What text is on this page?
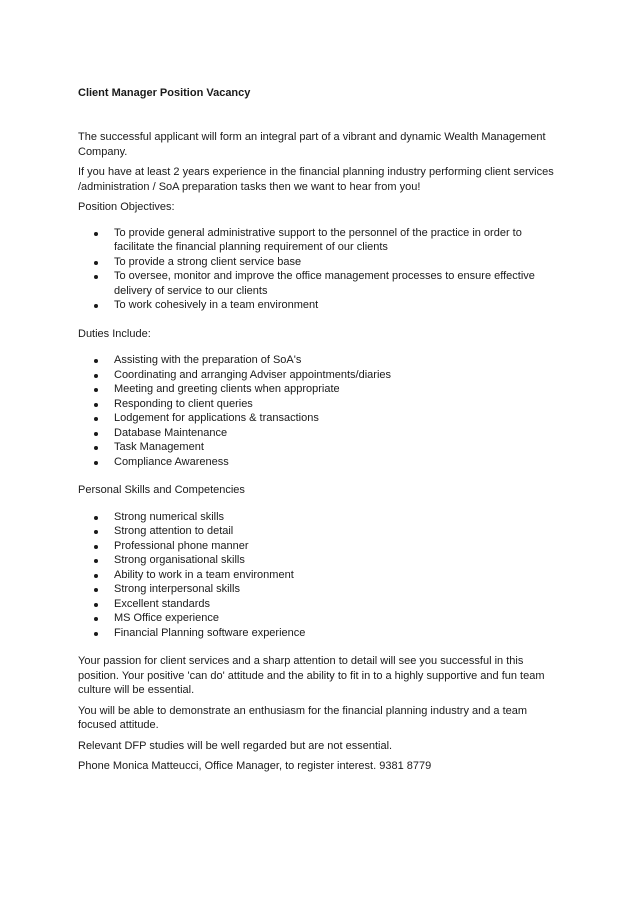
Client Manager Position Vacancy

The successful applicant will form an integral part of a vibrant and dynamic Wealth Management Company.

If you have at least 2 years experience in the financial planning industry performing client services /administration / SoA preparation tasks then we want to hear from you!

Position Objectives:

To provide general administrative support to the personnel of the practice in order to facilitate the financial planning requirement of our clients
To provide a strong client service base
To oversee, monitor and improve the office management processes to ensure effective delivery of service to our clients
To work cohesively in a team environment

Duties Include:

Assisting with the preparation of SoA's
Coordinating and arranging Adviser appointments/diaries
Meeting and greeting clients when appropriate
Responding to client queries
Lodgement for applications & transactions
Database Maintenance
Task Management
Compliance Awareness

Personal Skills and Competencies

Strong numerical skills
Strong attention to detail
Professional phone manner
Strong organisational skills
Ability to work in a team environment
Strong interpersonal skills
Excellent standards
MS Office experience
Financial Planning software experience

Your passion for client services and a sharp attention to detail will see you successful in this position. Your positive 'can do' attitude and the ability to fit in to a highly supportive and fun team culture will be essential.

You will be able to demonstrate an enthusiasm for the financial planning industry and a team focused attitude.

Relevant DFP studies will be well regarded but are not essential.

Phone Monica Matteucci, Office Manager, to register interest. 9381 8779
